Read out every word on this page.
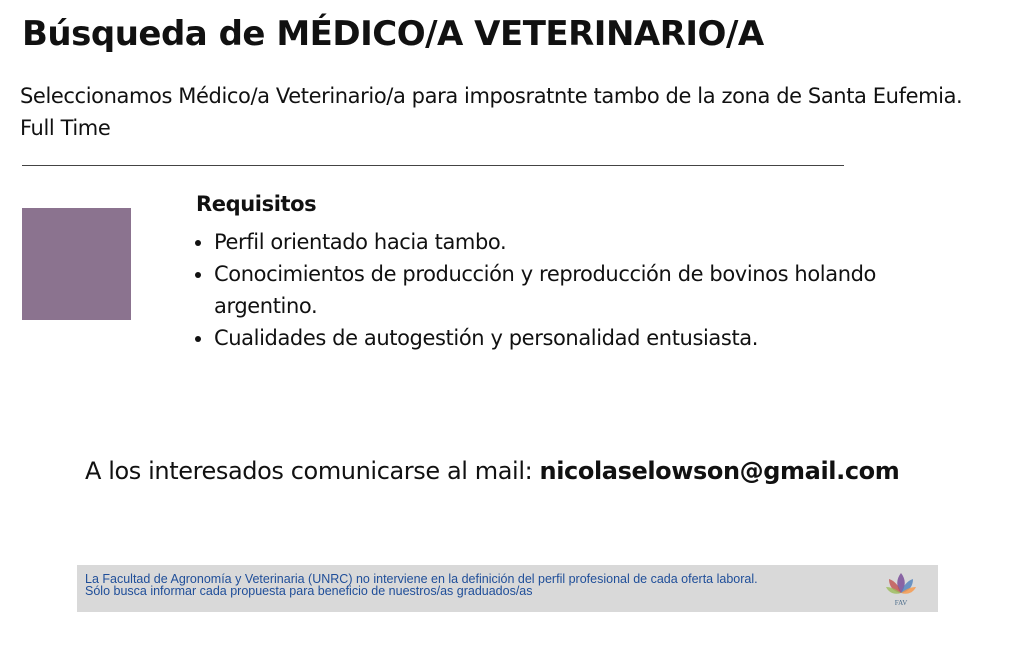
Búsqueda de MÉDICO/A VETERINARIO/A

Seleccionamos Médico/a Veterinario/a para imposratnte tambo de la zona de Santa Eufemia. Full Time

Requisitos
• Perfil orientado hacia tambo.
• Conocimientos de producción y reproducción de bovinos holando argentino.
• Cualidades de autogestión y personalidad entusiasta.

A los interesados comunicarse al mail: nicolaselowson@gmail.com

La Facultad de Agronomía y Veterinaria (UNRC) no interviene en la definición del perfil profesional de cada oferta laboral.
Sólo busca informar cada propuesta para beneficio de nuestros/as graduados/as

FAV
